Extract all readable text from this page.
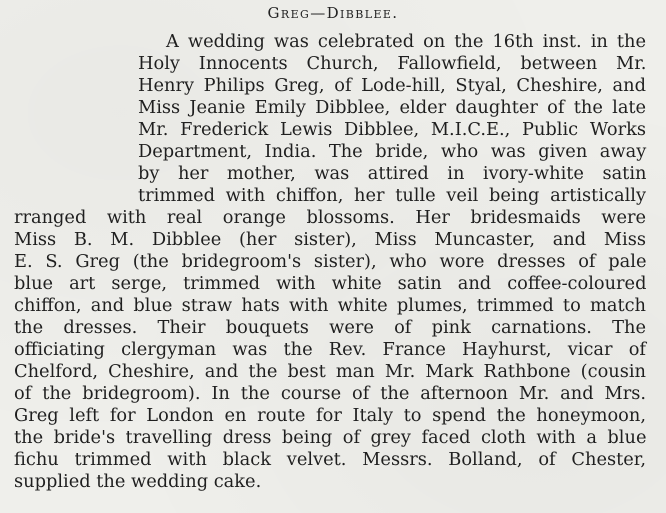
Greg—Dibblee.
A wedding was celebrated on the 16th inst. in the
Holy Innocents Church, Fallowfield, between Mr.
Henry Philips Greg, of Lode-hill, Styal, Cheshire, and
Miss Jeanie Emily Dibblee, elder daughter of the late
Mr. Frederick Lewis Dibblee, M.I.C.E., Public Works
Department, India. The bride, who was given away
by her mother, was attired in ivory-white satin
trimmed with chiffon, her tulle veil being artistically
rranged with real orange blossoms. Her bridesmaids were
Miss B. M. Dibblee (her sister), Miss Muncaster, and Miss
E. S. Greg (the bridegroom's sister), who wore dresses of pale
blue art serge, trimmed with white satin and coffee-coloured
chiffon, and blue straw hats with white plumes, trimmed to match
the dresses. Their bouquets were of pink carnations. The
officiating clergyman was the Rev. France Hayhurst, vicar of
Chelford, Cheshire, and the best man Mr. Mark Rathbone (cousin
of the bridegroom). In the course of the afternoon Mr. and Mrs.
Greg left for London en route for Italy to spend the honeymoon,
the bride's travelling dress being of grey faced cloth with a blue
fichu trimmed with black velvet. Messrs. Bolland, of Chester,
supplied the wedding cake.
